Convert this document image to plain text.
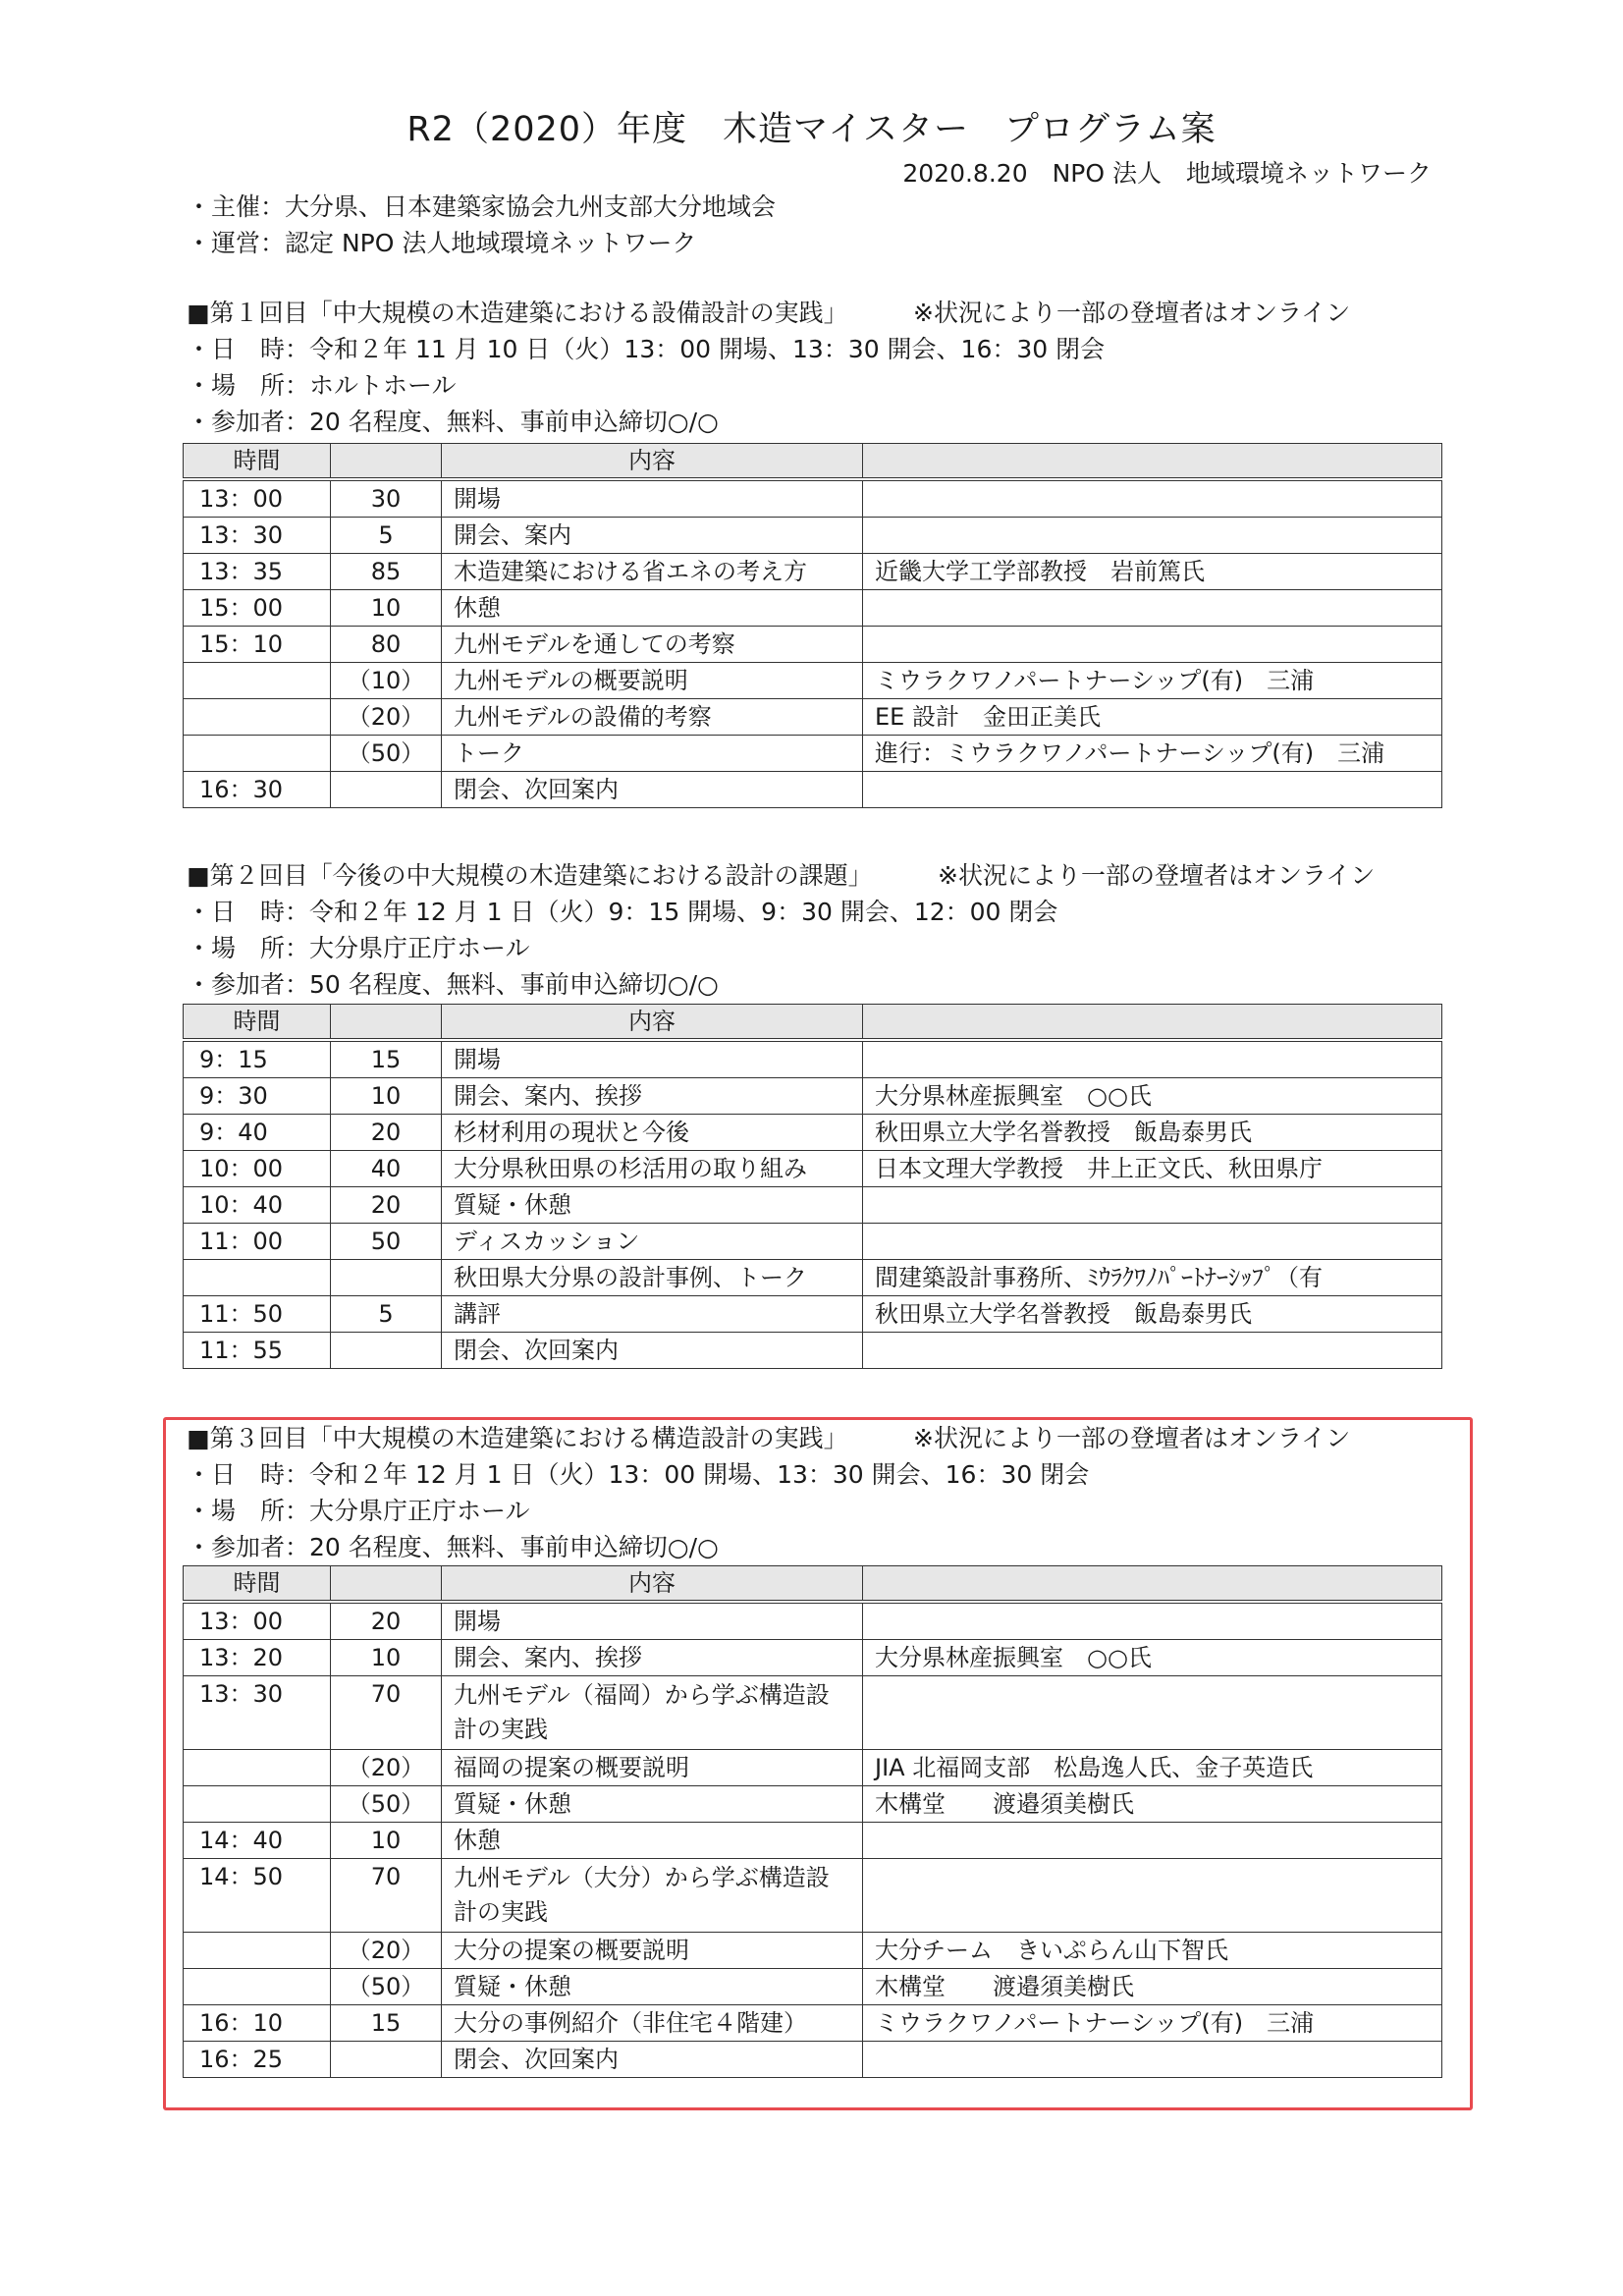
R2（2020）年度　木造マイスター　プログラム案
2020.8.20　NPO 法人　地域環境ネットワーク
・主催：大分県、日本建築家協会九州支部大分地域会
・運営：認定 NPO 法人地域環境ネットワーク
■第１回目「中大規模の木造建築における設備設計の実践」	※状況により一部の登壇者はオンライン
・日　時：令和２年 11 月 10 日（火）13：00 開場、13：30 開会、16：30 閉会
・場　所：ホルトホール
・参加者：20 名程度、無料、事前申込締切○/○
時間		内容	
13：00	30	開場	
13：30	5	開会、案内	
13：35	85	木造建築における省エネの考え方	近畿大学工学部教授　岩前篤氏
15：00	10	休憩	
15：10	80	九州モデルを通しての考察	
	（10）	九州モデルの概要説明	ミウラクワノパートナーシップ(有)　三浦
	（20）	九州モデルの設備的考察	EE 設計　金田正美氏
	（50）	トーク	進行：ミウラクワノパートナーシップ(有)　三浦
16：30		閉会、次回案内	
■第２回目「今後の中大規模の木造建築における設計の課題」	※状況により一部の登壇者はオンライン
・日　時：令和２年 12 月 1 日（火）9：15 開場、9：30 開会、12：00 閉会
・場　所：大分県庁正庁ホール
・参加者：50 名程度、無料、事前申込締切○/○
時間		内容	
9：15	15	開場	
9：30	10	開会、案内、挨拶	大分県林産振興室　○○氏
9：40	20	杉材利用の現状と今後	秋田県立大学名誉教授　飯島泰男氏
10：00	40	大分県秋田県の杉活用の取り組み	日本文理大学教授　井上正文氏、秋田県庁
10：40	20	質疑・休憩	
11：00	50	ディスカッション	
		秋田県大分県の設計事例、トーク	間建築設計事務所、ﾐｳﾗｸﾜﾉﾊﾟｰﾄﾅｰｼｯﾌﾟ（有
11：50	5	講評	秋田県立大学名誉教授　飯島泰男氏
11：55		閉会、次回案内	
■第３回目「中大規模の木造建築における構造設計の実践」	※状況により一部の登壇者はオンライン
・日　時：令和２年 12 月 1 日（火）13：00 開場、13：30 開会、16：30 閉会
・場　所：大分県庁正庁ホール
・参加者：20 名程度、無料、事前申込締切○/○
時間		内容	
13：00	20	開場	
13：20	10	開会、案内、挨拶	大分県林産振興室　○○氏
13：30	70	九州モデル（福岡）から学ぶ構造設計の実践	
	（20）	福岡の提案の概要説明	JIA 北福岡支部　松島逸人氏、金子英造氏
	（50）	質疑・休憩	木構堂　　渡邉須美樹氏
14：40	10	休憩	
14：50	70	九州モデル（大分）から学ぶ構造設計の実践	
	（20）	大分の提案の概要説明	大分チーム　きいぷらん山下智氏
	（50）	質疑・休憩	木構堂　　渡邉須美樹氏
16：10	15	大分の事例紹介（非住宅４階建）	ミウラクワノパートナーシップ(有)　三浦
16：25		閉会、次回案内	
